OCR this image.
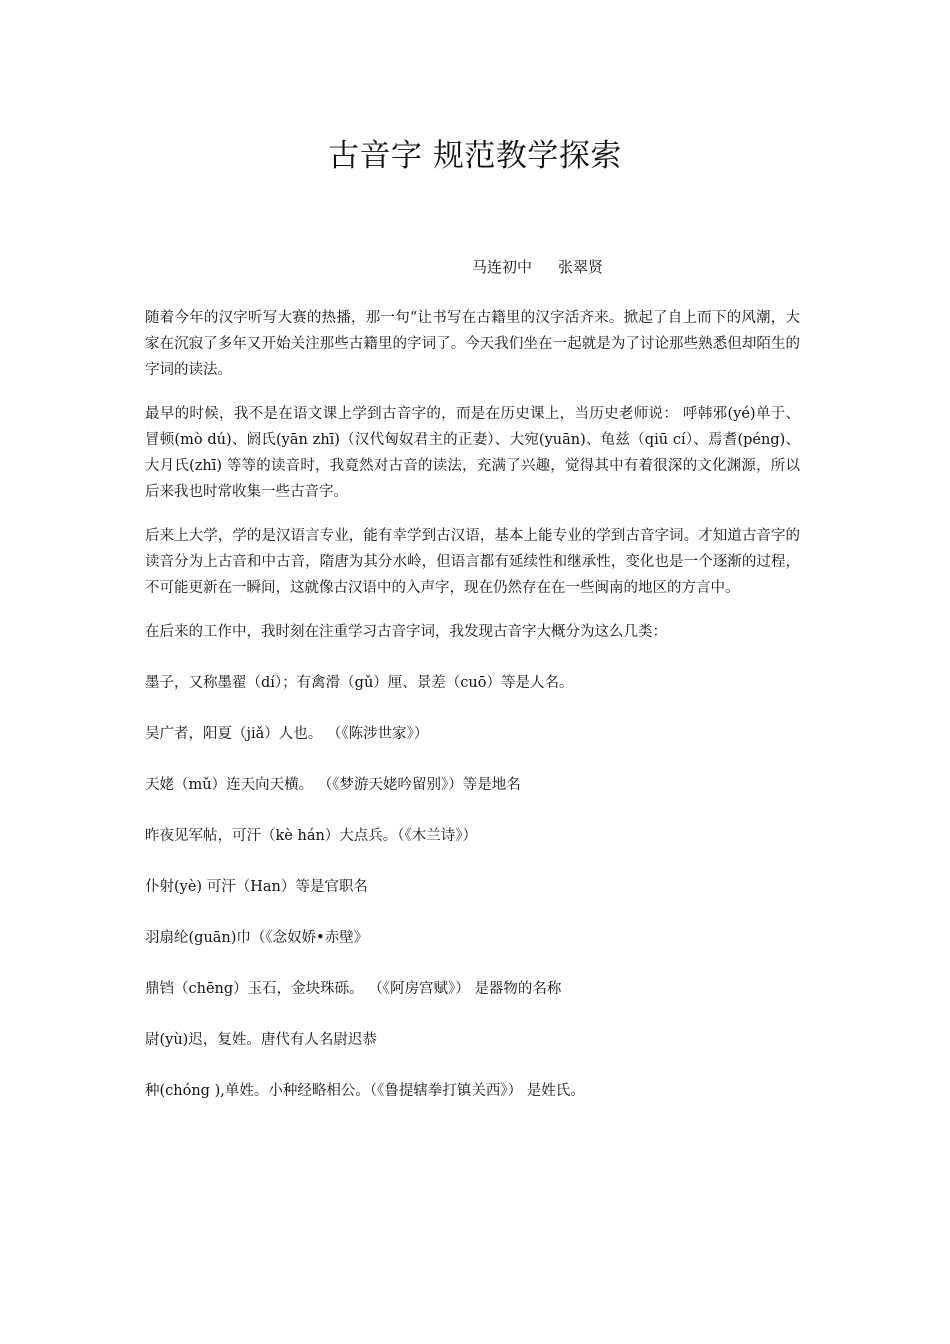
古音字 规范教学探索
马连初中 张翠贤

随着今年的汉字听写大赛的热播，那一句“让书写在古籍里的汉字活齐来。掀起了自上而下的风潮，大家在沉寂了多年又开始关注那些古籍里的字词了。今天我们坐在一起就是为了讨论那些熟悉但却陌生的字词的读法。

最早的时候，我不是在语文课上学到古音字的，而是在历史课上，当历史老师说： 呼韩邪(yé)单于、冒顿(mò dú)、阏氏(yān zhī)（汉代匈奴君主的正妻）、大宛(yuān)、龟兹（qiū cí）、焉耆(péng)、大月氏(zhī) 等等的读音时，我竟然对古音的读法，充满了兴趣，觉得其中有着很深的文化渊源，所以后来我也时常收集一些古音字。

后来上大学，学的是汉语言专业，能有幸学到古汉语，基本上能专业的学到古音字词。才知道古音字的读音分为上古音和中古音，隋唐为其分水岭，但语言都有延续性和继承性，变化也是一个逐渐的过程，不可能更新在一瞬间，这就像古汉语中的入声字，现在仍然存在在一些闽南的地区的方言中。

在后来的工作中，我时刻在注重学习古音字词，我发现古音字大概分为这么几类：

墨子，又称墨翟（dí）；有禽滑（gǔ）厘、景差（cuō）等是人名。

吴广者，阳夏（jiǎ）人也。 （《陈涉世家》）

天姥（mǔ）连天向天横。 （《梦游天姥吟留别》）等是地名

昨夜见军帖，可汗（kè hán）大点兵。（《木兰诗》）

仆射(yè) 可汗（Han）等是官职名

羽扇纶(guān)巾（《念奴娇•赤壁》

鼎铛（chēng）玉石，金块珠砾。 （《阿房宫赋》） 是器物的名称

尉(yù)迟，复姓。唐代有人名尉迟恭

种(chóng ),单姓。小种经略相公。（《鲁提辖拳打镇关西》） 是姓氏。
